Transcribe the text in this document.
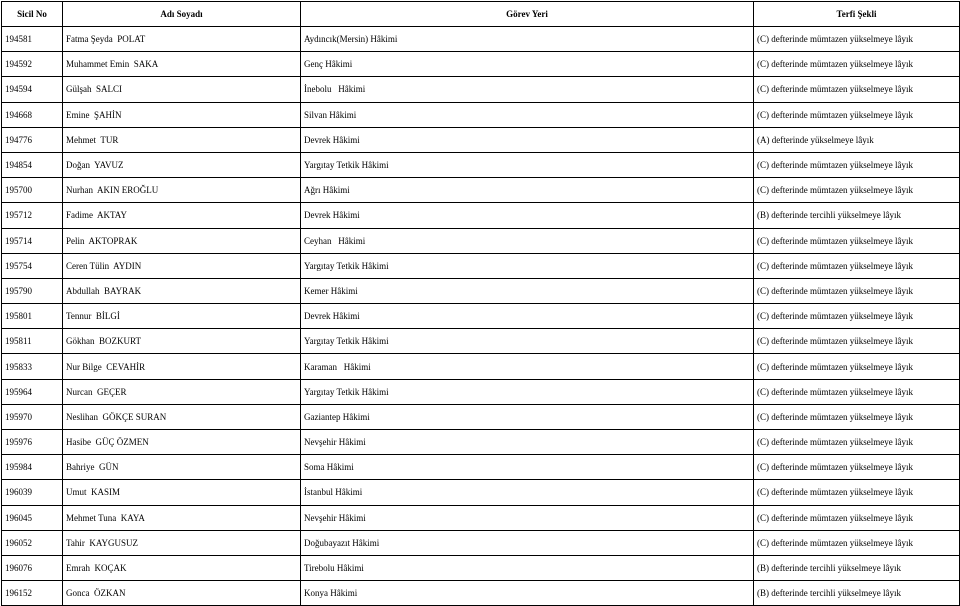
Sicil No	Adı Soyadı	Görev Yeri	Terfi Şekli
194581	Fatma Şeyda  POLAT	Aydıncık(Mersin) Hâkimi	(C) defterinde mümtazen yükselmeye lâyık
194592	Muhammet Emin  SAKA	Genç Hâkimi	(C) defterinde mümtazen yükselmeye lâyık
194594	Gülşah  SALCI	İnebolu   Hâkimi	(C) defterinde mümtazen yükselmeye lâyık
194668	Emine  ŞAHİN	Silvan Hâkimi	(C) defterinde mümtazen yükselmeye lâyık
194776	Mehmet  TUR	Devrek Hâkimi	(A) defterinde yükselmeye lâyık
194854	Doğan  YAVUZ	Yargıtay Tetkik Hâkimi	(C) defterinde mümtazen yükselmeye lâyık
195700	Nurhan  AKIN EROĞLU	Ağrı Hâkimi	(C) defterinde mümtazen yükselmeye lâyık
195712	Fadime  AKTAY	Devrek Hâkimi	(B) defterinde tercihli yükselmeye lâyık
195714	Pelin  AKTOPRAK	Ceyhan   Hâkimi	(C) defterinde mümtazen yükselmeye lâyık
195754	Ceren Tülin  AYDIN	Yargıtay Tetkik Hâkimi	(C) defterinde mümtazen yükselmeye lâyık
195790	Abdullah  BAYRAK	Kemer Hâkimi	(C) defterinde mümtazen yükselmeye lâyık
195801	Tennur  BİLGİ	Devrek Hâkimi	(C) defterinde mümtazen yükselmeye lâyık
195811	Gökhan  BOZKURT	Yargıtay Tetkik Hâkimi	(C) defterinde mümtazen yükselmeye lâyık
195833	Nur Bilge  CEVAHİR	Karaman   Hâkimi	(C) defterinde mümtazen yükselmeye lâyık
195964	Nurcan  GEÇER	Yargıtay Tetkik Hâkimi	(C) defterinde mümtazen yükselmeye lâyık
195970	Neslihan  GÖKÇE SURAN	Gaziantep Hâkimi	(C) defterinde mümtazen yükselmeye lâyık
195976	Hasibe  GÜÇ ÖZMEN	Nevşehir Hâkimi	(C) defterinde mümtazen yükselmeye lâyık
195984	Bahriye  GÜN	Soma Hâkimi	(C) defterinde mümtazen yükselmeye lâyık
196039	Umut  KASIM	İstanbul Hâkimi	(C) defterinde mümtazen yükselmeye lâyık
196045	Mehmet Tuna  KAYA	Nevşehir Hâkimi	(C) defterinde mümtazen yükselmeye lâyık
196052	Tahir  KAYGUSUZ	Doğubayazıt Hâkimi	(C) defterinde mümtazen yükselmeye lâyık
196076	Emrah  KOÇAK	Tirebolu Hâkimi	(B) defterinde tercihli yükselmeye lâyık
196152	Gonca  ÖZKAN	Konya Hâkimi	(B) defterinde tercihli yükselmeye lâyık
